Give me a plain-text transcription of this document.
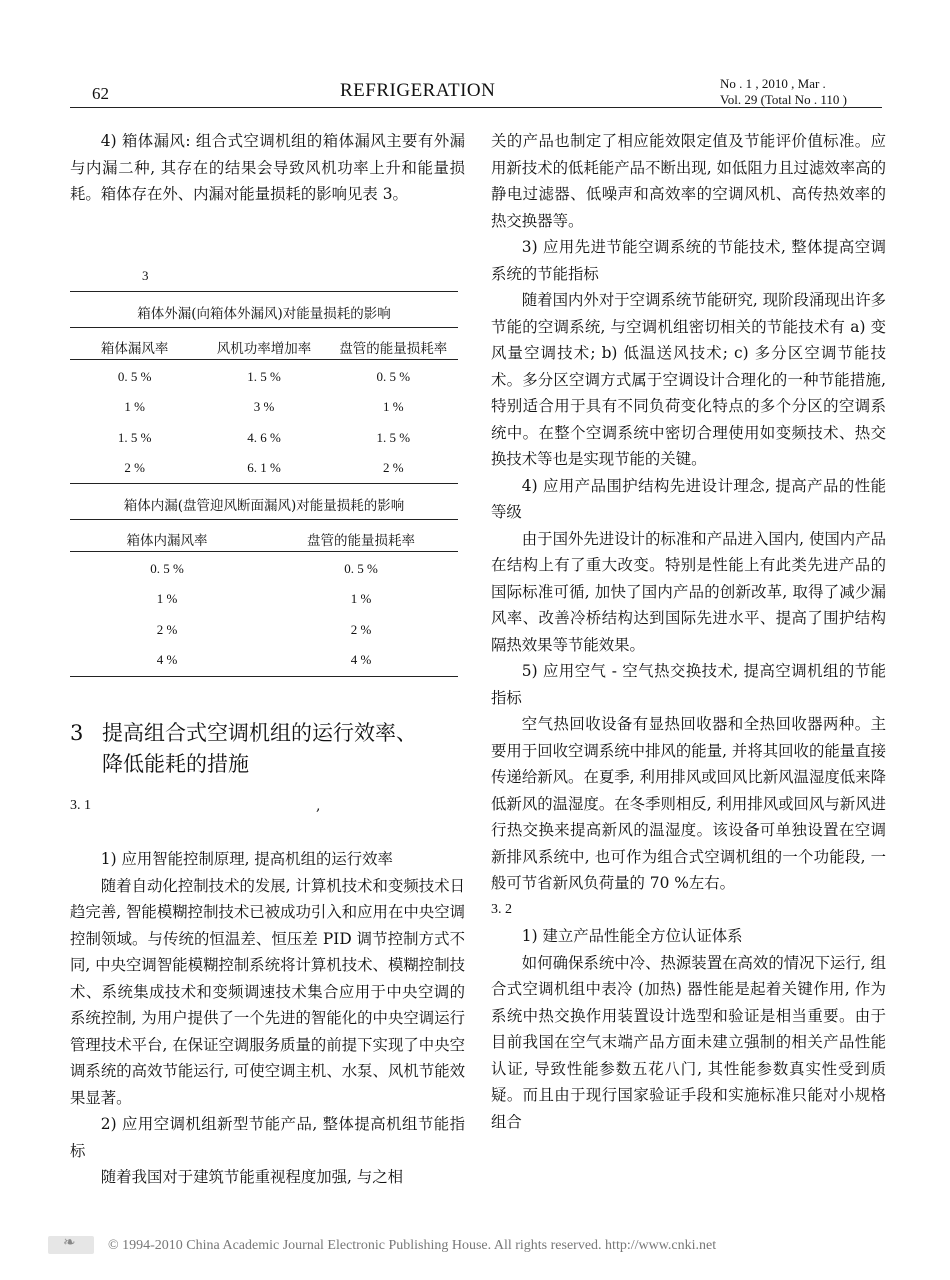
62	REFRIGERATION	No . 1 , 2010 , Mar .
Vol. 29 (Total No . 110 )

4) 箱体漏风: 组合式空调机组的箱体漏风主要有外漏与内漏二种, 其存在的结果会导致风机功率上升和能量损耗。箱体存在外、内漏对能量损耗的影响见表 3。

3
箱体外漏(向箱体外漏风)对能量损耗的影响
箱体漏风率	风机功率增加率	盘管的能量损耗率
0. 5 %	1. 5 %	0. 5 %
1 %	3 %	1 %
1. 5 %	4. 6 %	1. 5 %
2 %	6. 1 %	2 %
箱体内漏(盘管迎风断面漏风)对能量损耗的影响
箱体内漏风率	盘管的能量损耗率
0. 5 %	0. 5 %
1 %	1 %
2 %	2 %
4 %	4 %
3 提高组合式空调机组的运行效率、
降低能耗的措施
3. 1	,

1) 应用智能控制原理, 提高机组的运行效率

随着自动化控制技术的发展, 计算机技术和变频技术日趋完善, 智能模糊控制技术已被成功引入和应用在中央空调控制领域。与传统的恒温差、恒压差 PID 调节控制方式不同, 中央空调智能模糊控制系统将计算机技术、模糊控制技术、系统集成技术和变频调速技术集合应用于中央空调的系统控制, 为用户提供了一个先进的智能化的中央空调运行管理技术平台, 在保证空调服务质量的前提下实现了中央空调系统的高效节能运行, 可使空调主机、水泵、风机节能效果显著。

2) 应用空调机组新型节能产品, 整体提高机组节能指标

随着我国对于建筑节能重视程度加强, 与之相

关的产品也制定了相应能效限定值及节能评价值标准。应用新技术的低耗能产品不断出现, 如低阻力且过滤效率高的静电过滤器、低噪声和高效率的空调风机、高传热效率的热交换器等。

3) 应用先进节能空调系统的节能技术, 整体提高空调系统的节能指标

随着国内外对于空调系统节能研究, 现阶段涌现出许多节能的空调系统, 与空调机组密切相关的节能技术有 a) 变风量空调技术; b) 低温送风技术; c) 多分区空调节能技术。多分区空调方式属于空调设计合理化的一种节能措施, 特别适合用于具有不同负荷变化特点的多个分区的空调系统中。在整个空调系统中密切合理使用如变频技术、热交换技术等也是实现节能的关键。

4) 应用产品围护结构先进设计理念, 提高产品的性能等级

由于国外先进设计的标准和产品进入国内, 使国内产品在结构上有了重大改变。特别是性能上有此类先进产品的国际标准可循, 加快了国内产品的创新改革, 取得了减少漏风率、改善冷桥结构达到国际先进水平、提高了围护结构隔热效果等节能效果。

5) 应用空气 - 空气热交换技术, 提高空调机组的节能指标

空气热回收设备有显热回收器和全热回收器两种。主要用于回收空调系统中排风的能量, 并将其回收的能量直接传递给新风。在夏季, 利用排风或回风比新风温湿度低来降低新风的温湿度。在冬季则相反, 利用排风或回风与新风进行热交换来提高新风的温湿度。该设备可单独设置在空调新排风系统中, 也可作为组合式空调机组的一个功能段, 一般可节省新风负荷量的 70 %左右。

3. 2

1) 建立产品性能全方位认证体系

如何确保系统中冷、热源装置在高效的情况下运行, 组合式空调机组中表冷 (加热) 器性能是起着关键作用, 作为系统中热交换作用装置设计选型和验证是相当重要。由于目前我国在空气末端产品方面未建立强制的相关产品性能认证, 导致性能参数五花八门, 其性能参数真实性受到质疑。而且由于现行国家验证手段和实施标准只能对小规格组合

❧ © 1994-2010 China Academic Journal Electronic Publishing House. All rights reserved. http://www.cnki.net
